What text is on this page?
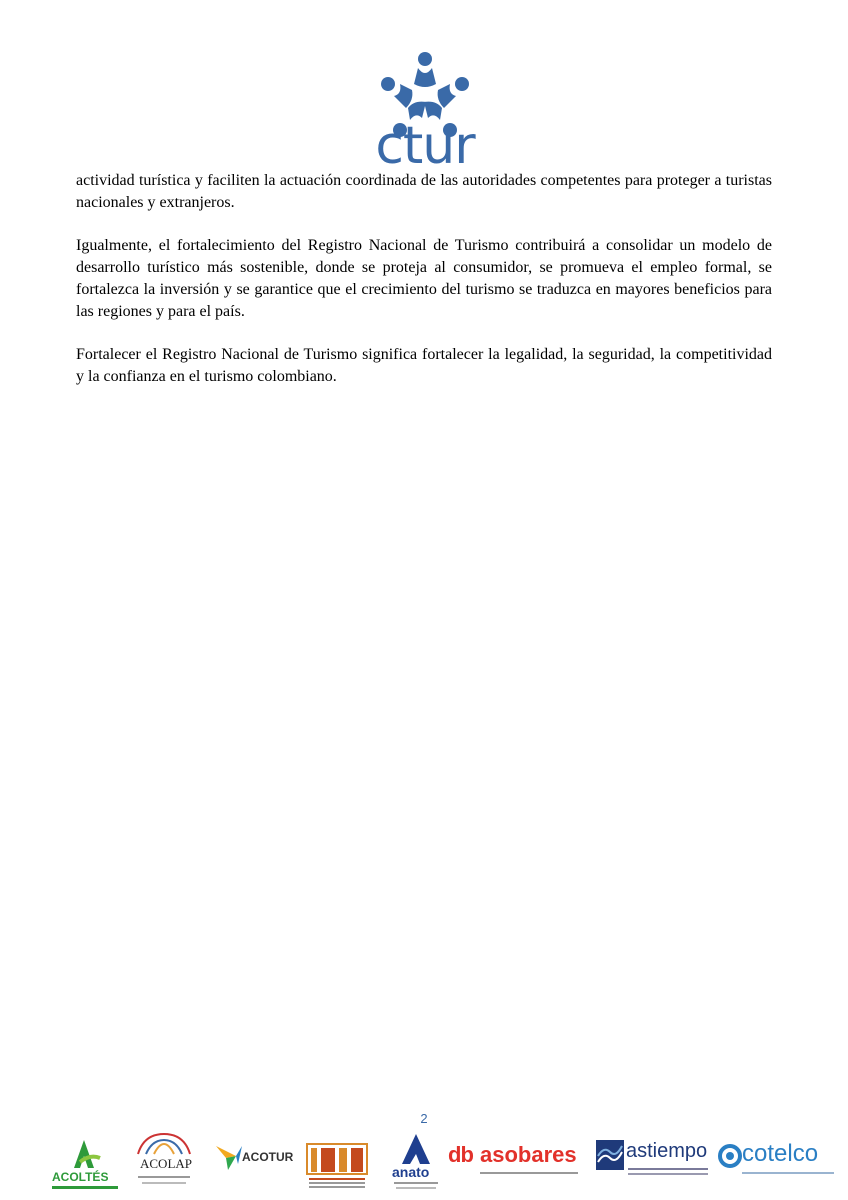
ctur

actividad turística y faciliten la actuación coordinada de las autoridades competentes para proteger a turistas nacionales y extranjeros.

Igualmente, el fortalecimiento del Registro Nacional de Turismo contribuirá a consolidar un modelo de desarrollo turístico más sostenible, donde se proteja al consumidor, se promueva el empleo formal, se fortalezca la inversión y se garantice que el crecimiento del turismo se traduzca en mayores beneficios para las regiones y para el país.

Fortalecer el Registro Nacional de Turismo significa fortalecer la legalidad, la seguridad, la competitividad y la confianza en el turismo colombiano.

2
ACOLTÉS
ACOLAP	ACOTUR
anato
db asobares astiempo cotelco
